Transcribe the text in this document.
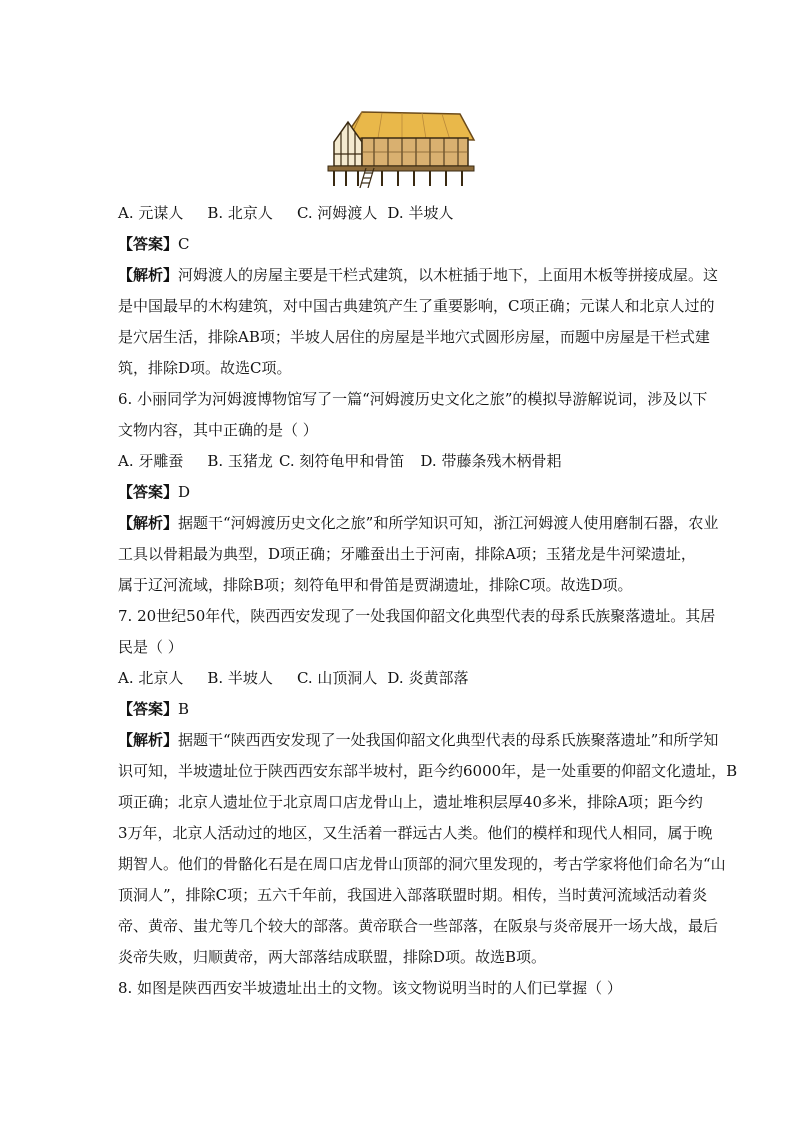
A. 元谋人 B. 北京人 C. 河姆渡人 D. 半坡人

【答案】C

【解析】河姆渡人的房屋主要是干栏式建筑，以木桩插于地下，上面用木板等拼接成屋。这

是中国最早的木构建筑，对中国古典建筑产生了重要影响，C项正确；元谋人和北京人过的

是穴居生活，排除AB项；半坡人居住的房屋是半地穴式圆形房屋，而题中房屋是干栏式建

筑，排除D项。故选C项。

6. 小丽同学为河姆渡博物馆写了一篇“河姆渡历史文化之旅”的模拟导游解说词，涉及以下

文物内容，其中正确的是（ ）

A. 牙雕蚕 B. 玉猪龙 C. 刻符龟甲和骨笛 D. 带藤条残木柄骨耜

【答案】D

【解析】据题干“河姆渡历史文化之旅”和所学知识可知，浙江河姆渡人使用磨制石器，农业

工具以骨耜最为典型，D项正确；牙雕蚕出土于河南，排除A项；玉猪龙是牛河梁遗址，

属于辽河流域，排除B项；刻符龟甲和骨笛是贾湖遗址，排除C项。故选D项。

7. 20世纪50年代，陕西西安发现了一处我国仰韶文化典型代表的母系氏族聚落遗址。其居

民是（ ）

A. 北京人 B. 半坡人 C. 山顶洞人 D. 炎黄部落

【答案】B

【解析】据题干“陕西西安发现了一处我国仰韶文化典型代表的母系氏族聚落遗址”和所学知

识可知，半坡遗址位于陕西西安东部半坡村，距今约6000年，是一处重要的仰韶文化遗址，B

项正确；北京人遗址位于北京周口店龙骨山上，遗址堆积层厚40多米，排除A项；距今约

3万年，北京人活动过的地区，又生活着一群远古人类。他们的模样和现代人相同，属于晚

期智人。他们的骨骼化石是在周口店龙骨山顶部的洞穴里发现的，考古学家将他们命名为“山

顶洞人”，排除C项；五六千年前，我国进入部落联盟时期。相传，当时黄河流域活动着炎

帝、黄帝、蚩尤等几个较大的部落。黄帝联合一些部落，在阪泉与炎帝展开一场大战，最后

炎帝失败，归顺黄帝，两大部落结成联盟，排除D项。故选B项。

8. 如图是陕西西安半坡遗址出土的文物。该文物说明当时的人们已掌握（ ）
